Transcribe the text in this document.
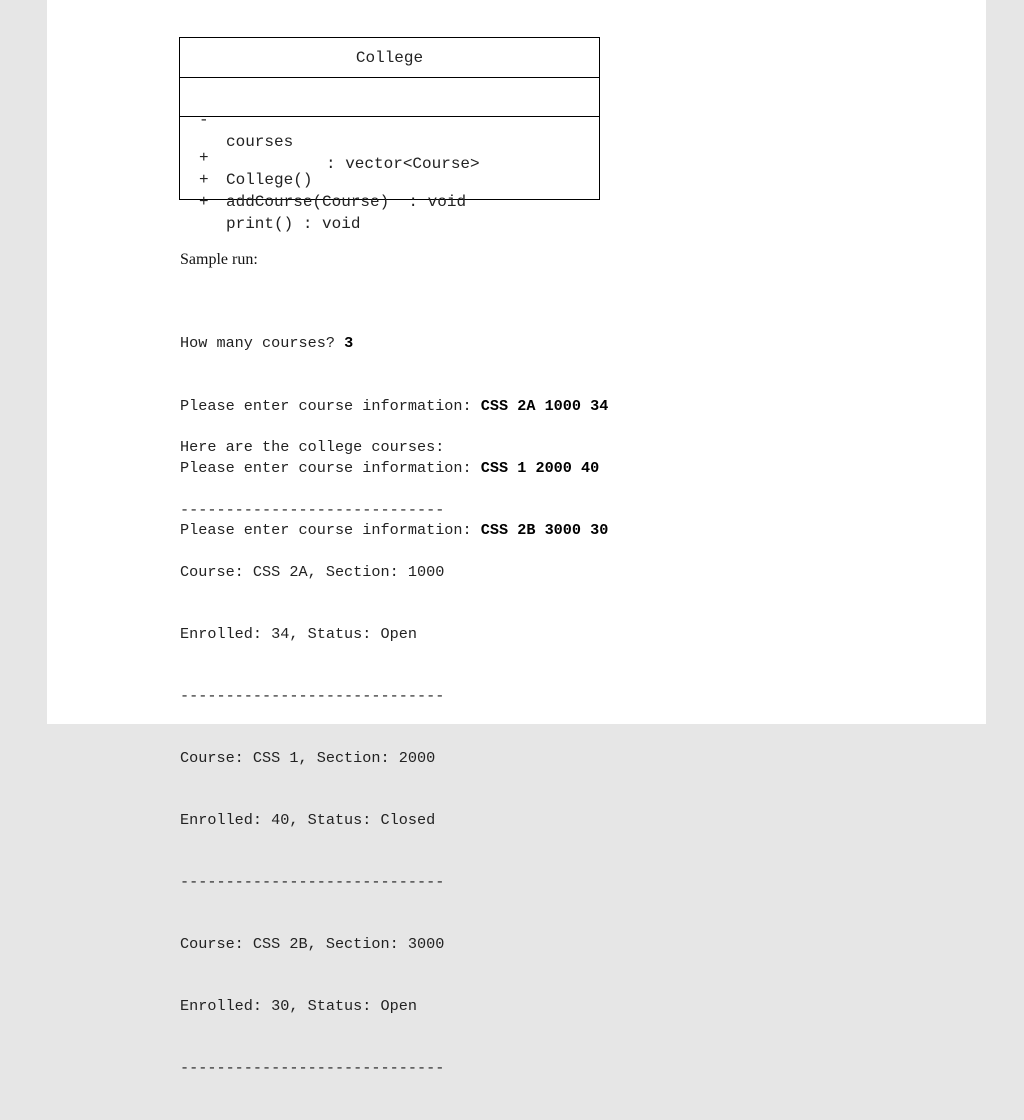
College

-

courses

: vector<Course>

+

College()

+

addCourse(Course)  : void

+

print() : void

Sample run:

How many courses? 3

Please enter course information: CSS 2A 1000 34

Please enter course information: CSS 1 2000 40

Please enter course information: CSS 2B 3000 30

Here are the college courses:

-----------------------------

Course: CSS 2A, Section: 1000

Enrolled: 34, Status: Open

-----------------------------

Course: CSS 1, Section: 2000

Enrolled: 40, Status: Closed

-----------------------------

Course: CSS 2B, Section: 3000

Enrolled: 30, Status: Open

-----------------------------
